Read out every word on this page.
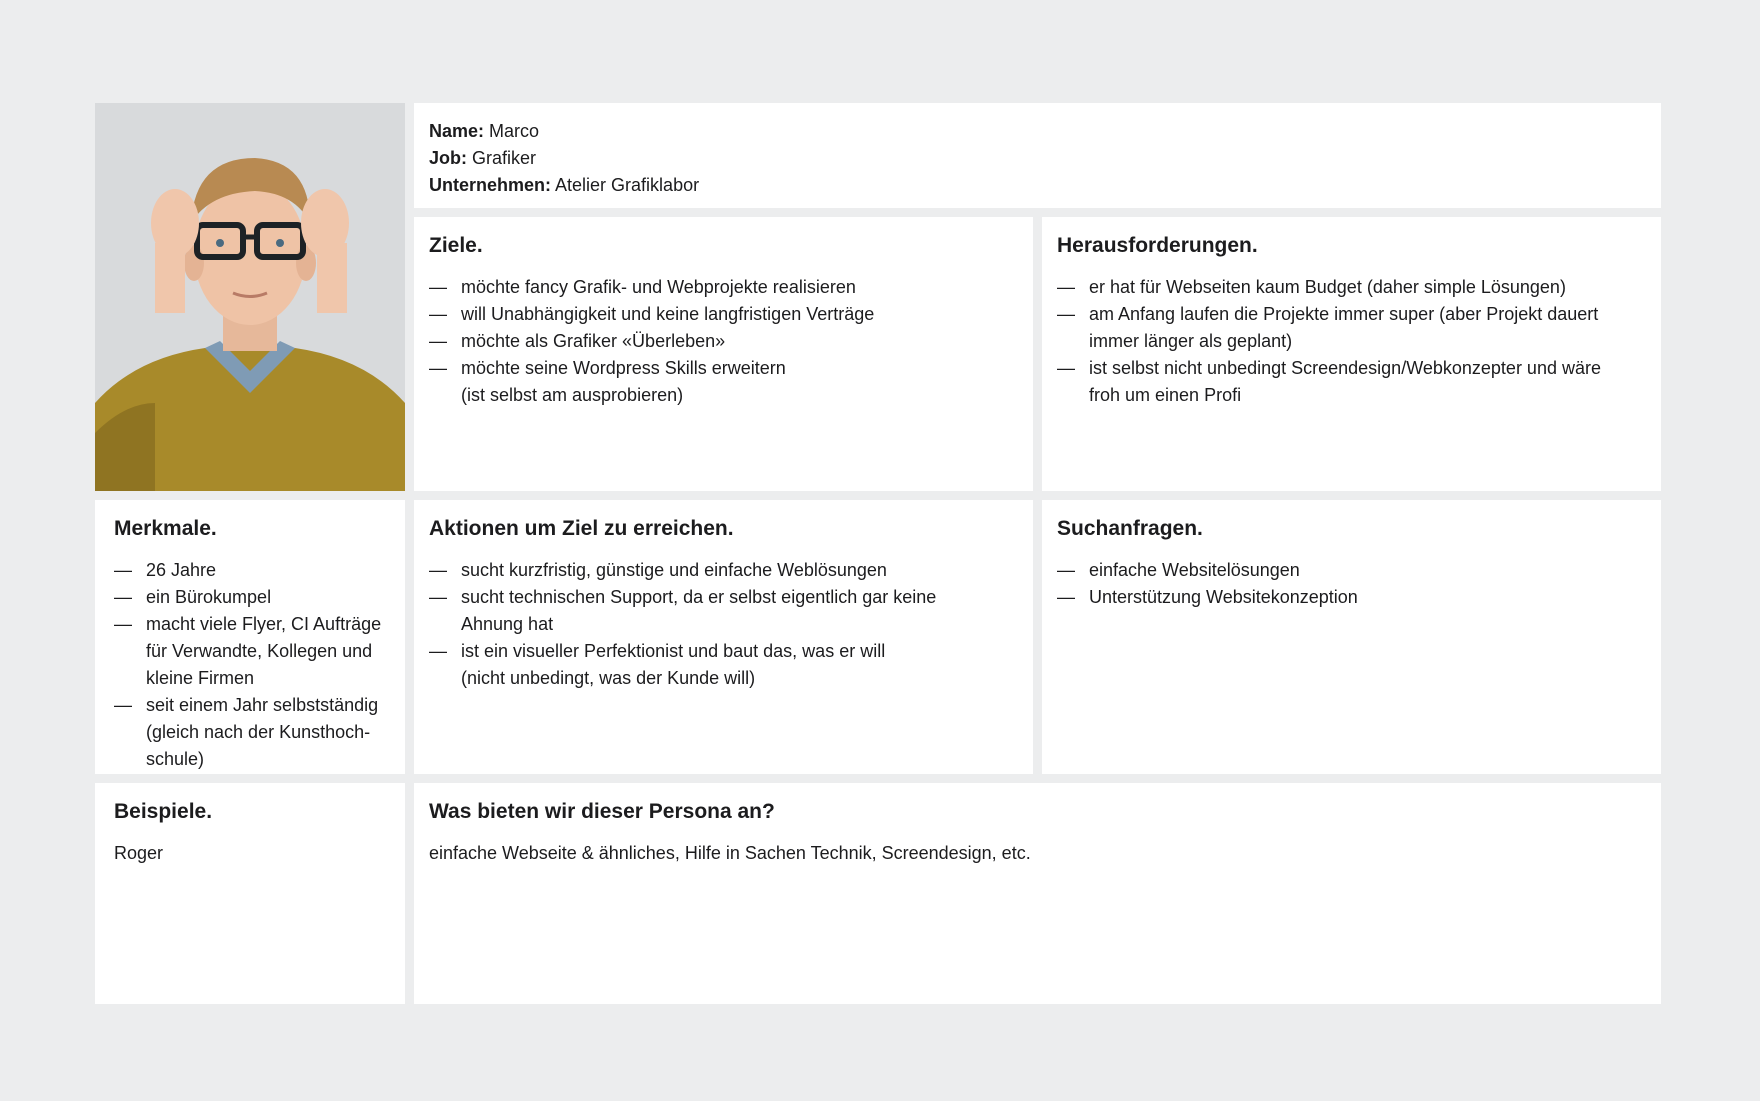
Name: Marco
Job: Grafiker
Unternehmen: Atelier Grafiklabor
Ziele.
— möchte fancy Grafik- und Webprojekte realisieren
— will Unabhängigkeit und keine langfristigen Verträge
— möchte als Grafiker «Überleben»
— möchte seine Wordpress Skills erweitern
(ist selbst am ausprobieren)
Herausforderungen.
— er hat für Webseiten kaum Budget (daher simple Lösungen)
— am Anfang laufen die Projekte immer super (aber Projekt dauert
immer länger als geplant)
— ist selbst nicht unbedingt Screendesign/Webkonzepter und wäre
froh um einen Profi
Merkmale.
— 26 Jahre
— ein Bürokumpel
— macht viele Flyer, CI Aufträge
für Verwandte, Kollegen und
kleine Firmen
— seit einem Jahr selbstständig
(gleich nach der Kunsthoch-
schule)
Aktionen um Ziel zu erreichen.
— sucht kurzfristig, günstige und einfache Weblösungen
— sucht technischen Support, da er selbst eigentlich gar keine
Ahnung hat
— ist ein visueller Perfektionist und baut das, was er will
(nicht unbedingt, was der Kunde will)
Suchanfragen.
— einfache Websitelösungen
— Unterstützung Websitekonzeption
Beispiele.

Roger

Was bieten wir dieser Persona an?

einfache Webseite & ähnliches, Hilfe in Sachen Technik, Screendesign, etc.
